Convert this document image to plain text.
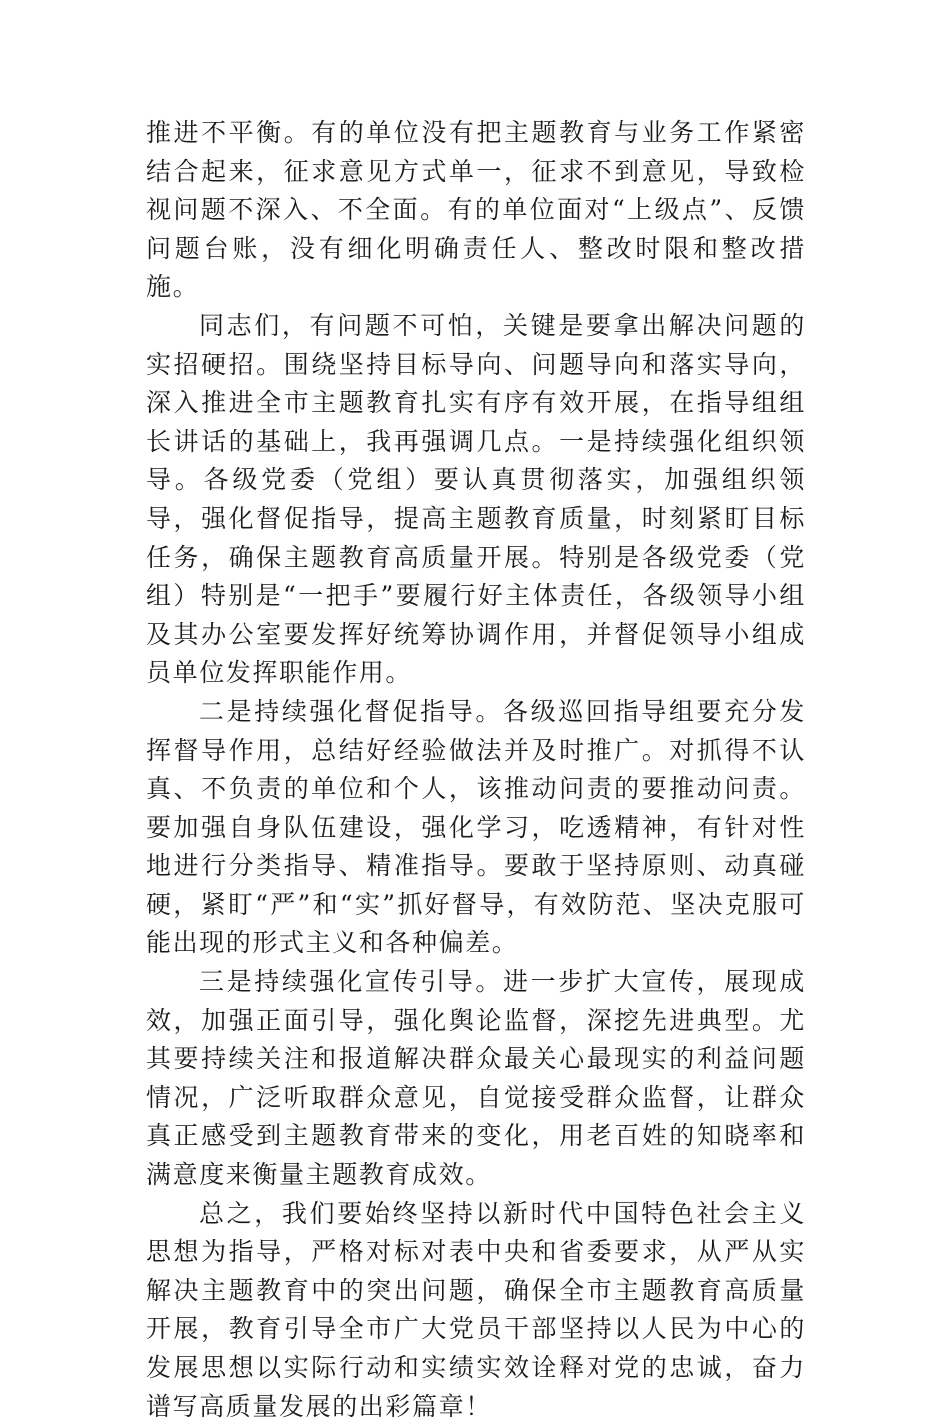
推进不平衡。有的单位没有把主题教育与业务工作紧密结合起来，征求意见方式单一，征求不到意见，导致检视问题不深入、不全面。有的单位面对“上级点”、反馈问题台账，没有细化明确责任人、整改时限和整改措施。

同志们，有问题不可怕，关键是要拿出解决问题的实招硬招。围绕坚持目标导向、问题导向和落实导向，深入推进全市主题教育扎实有序有效开展，在指导组组长讲话的基础上，我再强调几点。一是持续强化组织领导。各级党委（党组）要认真贯彻落实，加强组织领导，强化督促指导，提高主题教育质量，时刻紧盯目标任务，确保主题教育高质量开展。特别是各级党委（党组）特别是“一把手”要履行好主体责任，各级领导小组及其办公室要发挥好统筹协调作用，并督促领导小组成员单位发挥职能作用。

二是持续强化督促指导。各级巡回指导组要充分发挥督导作用，总结好经验做法并及时推广。对抓得不认真、不负责的单位和个人，该推动问责的要推动问责。要加强自身队伍建设，强化学习，吃透精神，有针对性地进行分类指导、精准指导。要敢于坚持原则、动真碰硬，紧盯“严”和“实”抓好督导，有效防范、坚决克服可能出现的形式主义和各种偏差。

三是持续强化宣传引导。进一步扩大宣传，展现成效，加强正面引导，强化舆论监督，深挖先进典型。尤其要持续关注和报道解决群众最关心最现实的利益问题情况，广泛听取群众意见，自觉接受群众监督，让群众真正感受到主题教育带来的变化，用老百姓的知晓率和满意度来衡量主题教育成效。

总之，我们要始终坚持以新时代中国特色社会主义思想为指导，严格对标对表中央和省委要求，从严从实解决主题教育中的突出问题，确保全市主题教育高质量开展，教育引导全市广大党员干部坚持以人民为中心的发展思想以实际行动和实绩实效诠释对党的忠诚，奋力谱写高质量发展的出彩篇章！
